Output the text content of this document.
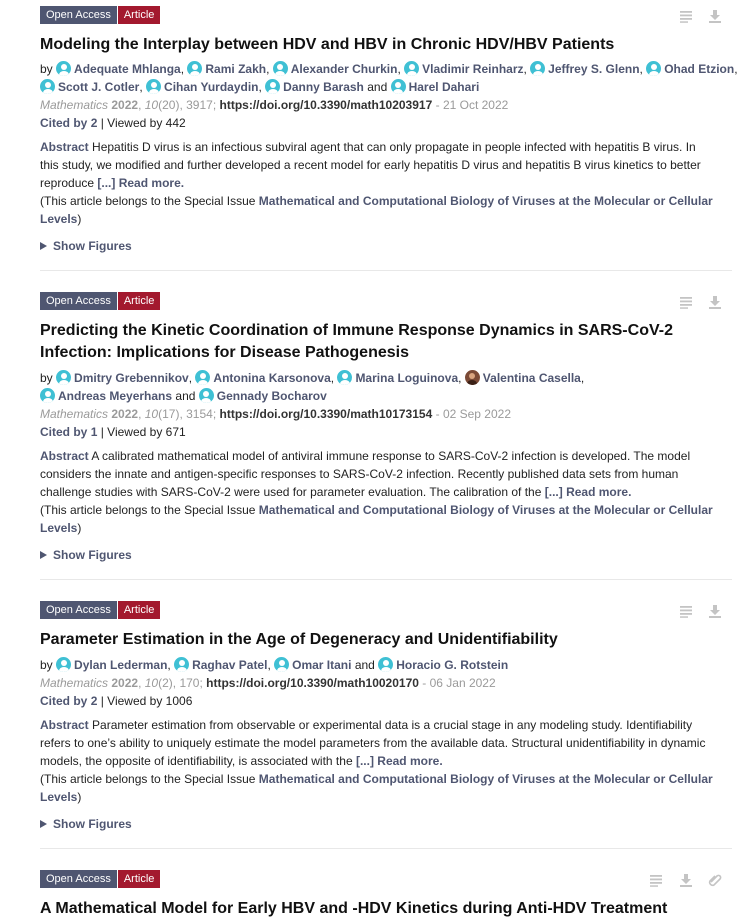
Open Access Article

Modeling the Interplay between HDV and HBV in Chronic HDV/HBV Patients
by Adequate Mhlanga, Rami Zakh, Alexander Churkin, Vladimir Reinharz, Jeffrey S. Glenn, Ohad Etzion,
Scott J. Cotler, Cihan Yurdaydin, Danny Barash and Harel Dahari
Mathematics 2022, 10(20), 3917; https://doi.org/10.3390/math10203917 - 21 Oct 2022
Cited by 2 | Viewed by 442
Abstract Hepatitis D virus is an infectious subviral agent that can only propagate in people infected with hepatitis B virus. In
this study, we modified and further developed a recent model for early hepatitis D virus and hepatitis B virus kinetics to better
reproduce [...] Read more.
(This article belongs to the Special Issue Mathematical and Computational Biology of Viruses at the Molecular or Cellular
Levels)
Show Figures
Open Access Article

Predicting the Kinetic Coordination of Immune Response Dynamics in SARS-CoV-2
Infection: Implications for Disease Pathogenesis
by Dmitry Grebennikov, Antonina Karsonova, Marina Loguinova, Valentina Casella,
Andreas Meyerhans and Gennady Bocharov
Mathematics 2022, 10(17), 3154; https://doi.org/10.3390/math10173154 - 02 Sep 2022
Cited by 1 | Viewed by 671
Abstract A calibrated mathematical model of antiviral immune response to SARS-CoV-2 infection is developed. The model
considers the innate and antigen-specific responses to SARS-CoV-2 infection. Recently published data sets from human
challenge studies with SARS-CoV-2 were used for parameter evaluation. The calibration of the [...] Read more.
(This article belongs to the Special Issue Mathematical and Computational Biology of Viruses at the Molecular or Cellular
Levels)
Show Figures
Open Access Article

Parameter Estimation in the Age of Degeneracy and Unidentifiability
by Dylan Lederman, Raghav Patel, Omar Itani and Horacio G. Rotstein
Mathematics 2022, 10(2), 170; https://doi.org/10.3390/math10020170 - 06 Jan 2022
Cited by 2 | Viewed by 1006
Abstract Parameter estimation from observable or experimental data is a crucial stage in any modeling study. Identifiability
refers to one’s ability to uniquely estimate the model parameters from the available data. Structural unidentifiability in dynamic
models, the opposite of identifiability, is associated with the [...] Read more.
(This article belongs to the Special Issue Mathematical and Computational Biology of Viruses at the Molecular or Cellular
Levels)
Show Figures
Open Access Article

A Mathematical Model for Early HBV and -HDV Kinetics during Anti-HDV Treatment
